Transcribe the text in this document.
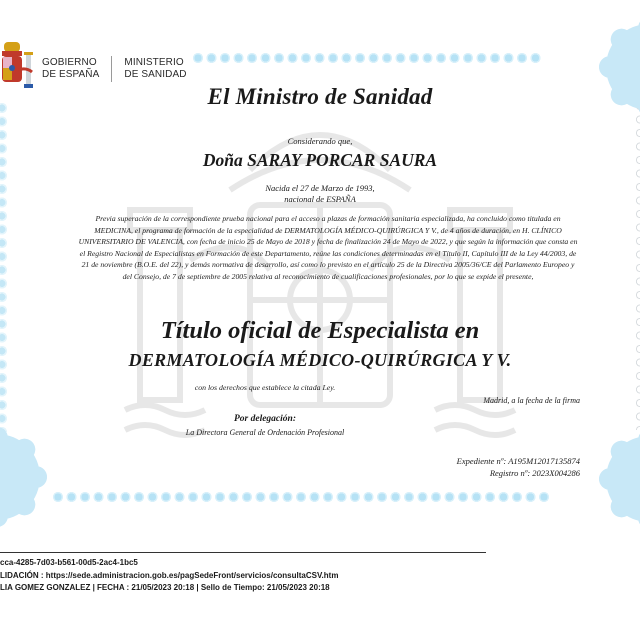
GOBIERNO
DE ESPAÑA
MINISTERIO
DE SANIDAD
El Ministro de Sanidad
Considerando que,
Doña SARAY PORCAR SAURA
Nacida el 27 de Marzo de 1993,
nacional de ESPAÑA
Previa superación de la correspondiente prueba nacional para el acceso a plazas de formación sanitaria especializada, ha concluido como titulada en MEDICINA, el programa de formación de la especialidad de DERMATOLOGÍA MÉDICO-QUIRÚRGICA Y V., de 4 años de duración, en H. CLÍNICO UNIVERSITARIO DE VALENCIA, con fecha de inicio 25 de Mayo de 2018 y fecha de finalización 24 de Mayo de 2022, y que según la información que consta en el Registro Nacional de Especialistas en Formación de este Departamento, reúne las condiciones determinadas en el Título II, Capítulo III de la Ley 44/2003, de 21 de noviembre (B.O.E. del 22), y demás normativa de desarrollo, así como lo previsto en el artículo 25 de la Directiva 2005/36/CE del Parlamento Europeo y del Consejo, de 7 de septiembre de 2005 relativa al reconocimiento de cualificaciones profesionales, por lo que se expide el presente,
Título oficial de Especialista en
DERMATOLOGÍA MÉDICO-QUIRÚRGICA Y V.
con los derechos que establece la citada Ley.
Madrid, a la fecha de la firma
Por delegación:
La Directora General de Ordenación Profesional
Expediente nº: A195M12017135874
Registro nº: 2023X004286
cca-4285-7d03-b561-00d5-2ac4-1bc5
LIDACIÓN : https://sede.administracion.gob.es/pagSedeFront/servicios/consultaCSV.htm
LIA GOMEZ GONZALEZ | FECHA : 21/05/2023 20:18 | Sello de Tiempo: 21/05/2023 20:18
